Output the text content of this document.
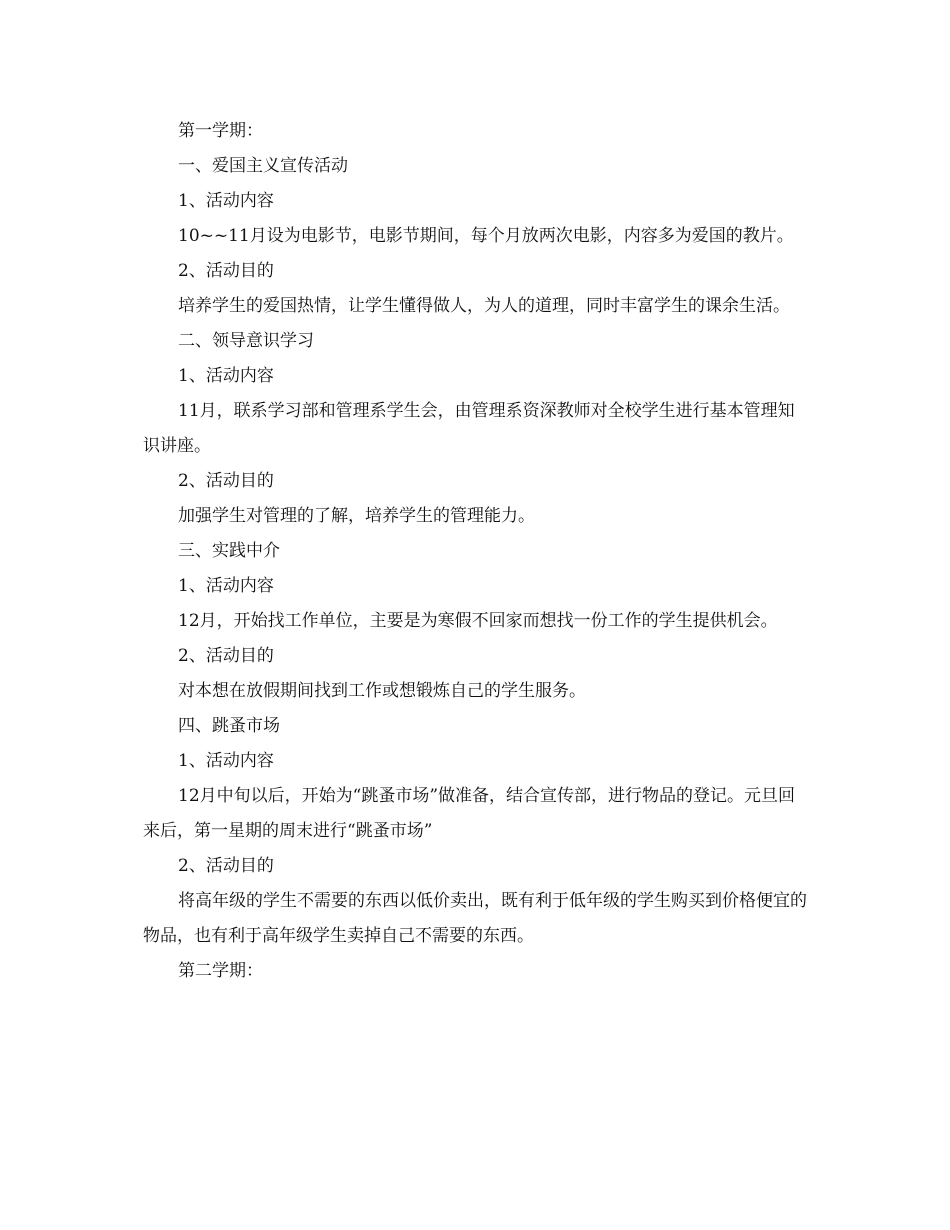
第一学期：

一、爱国主义宣传活动

1、活动内容

10~~11月设为电影节，电影节期间，每个月放两次电影，内容多为爱国的教片。

2、活动目的

培养学生的爱国热情，让学生懂得做人，为人的道理，同时丰富学生的课余生活。

二、领导意识学习

1、活动内容

11月，联系学习部和管理系学生会，由管理系资深教师对全校学生进行基本管理知识讲座。

2、活动目的

加强学生对管理的了解，培养学生的管理能力。

三、实践中介

1、活动内容

12月，开始找工作单位，主要是为寒假不回家而想找一份工作的学生提供机会。

2、活动目的

对本想在放假期间找到工作或想锻炼自己的学生服务。

四、跳蚤市场

1、活动内容

12月中旬以后，开始为“跳蚤市场”做准备，结合宣传部，进行物品的登记。元旦回来后，第一星期的周末进行“跳蚤市场”

2、活动目的

将高年级的学生不需要的东西以低价卖出，既有利于低年级的学生购买到价格便宜的物品，也有利于高年级学生卖掉自己不需要的东西。

第二学期：
